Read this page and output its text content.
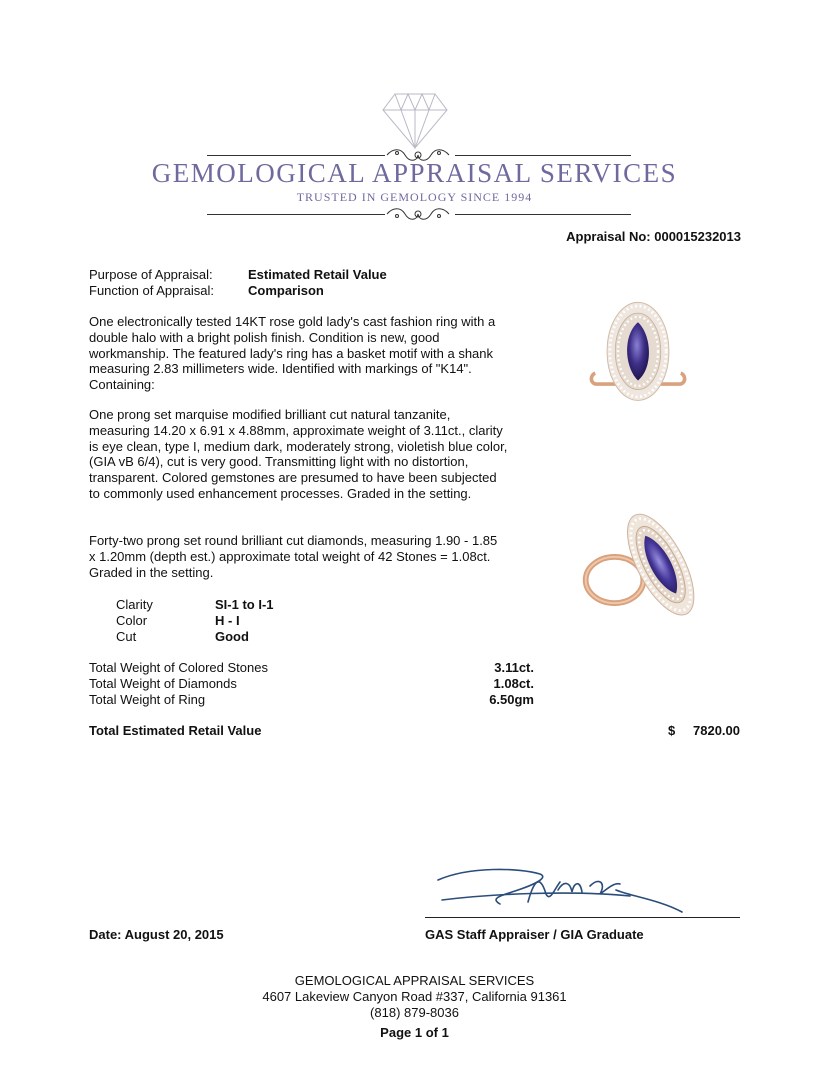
GEMOLOGICAL APPRAISAL SERVICES
TRUSTED IN GEMOLOGY SINCE 1994
Appraisal No: 000015232013
Purpose of Appraisal:	Estimated Retail Value
Function of Appraisal:	Comparison
One electronically tested 14KT rose gold lady's cast fashion ring with a double halo with a bright polish finish. Condition is new, good workmanship. The featured lady's ring has a basket motif with a shank measuring 2.83 millimeters wide. Identified with markings of "K14". Containing:
One prong set marquise modified brilliant cut natural tanzanite, measuring 14.20 x 6.91 x 4.88mm, approximate weight of 3.11ct., clarity is eye clean, type I, medium dark, moderately strong, violetish blue color, (GIA vB 6/4), cut is very good. Transmitting light with no distortion, transparent. Colored gemstones are presumed to have been subjected to commonly used enhancement processes. Graded in the setting.
Forty-two prong set round brilliant cut diamonds, measuring 1.90 - 1.85 x 1.20mm (depth est.) approximate total weight of 42 Stones = 1.08ct. Graded in the setting.
Clarity	SI-1 to I-1
Color	H - I
Cut	Good
Total Weight of Colored Stones	3.11ct.
Total Weight of Diamonds	1.08ct.
Total Weight of Ring	6.50gm
Total Estimated Retail Value	$	7820.00
Date: August 20, 2015	GAS Staff Appraiser / GIA Graduate
GEMOLOGICAL APPRAISAL SERVICES
4607 Lakeview Canyon Road #337, California 91361
(818) 879-8036
Page 1 of 1
